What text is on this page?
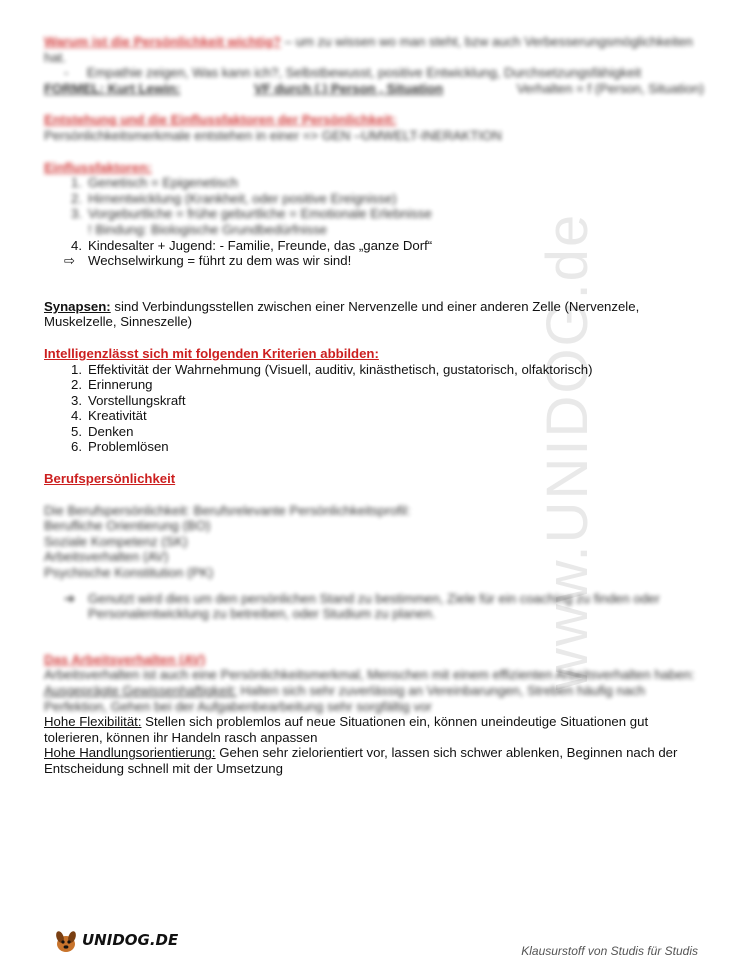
www.UNIDOG.de

Warum ist die Persönlichkeit wichtig? – um zu wissen wo man steht, bzw auch Verbesserungsmöglichkeiten hat.

-     Empathie zeigen, Was kann ich?, Selbstbewusst, positive Entwicklung, Durchsetzungsfähigkeit
FORMEL: Kurt Lewin:	VF durch (.) Person , Situation	Verhalten = f (Person, Situation)
Entstehung und die Einflussfaktoren der Persönlichkeit:
Persönlichkeitsmerkmale entstehen in einer => GEN –UMWELT-INERAKTION
Einflussfaktoren:
1. Genetisch = Epigenetisch
2. Hirnentwicklung (Krankheit, oder positive Ereignisse)
3. Vorgeburtliche = frühe geburtliche = Emotionale Erlebnisse
! Bindung: Biologische Grundbedürfnisse
4. Kindesalter + Jugend: - Familie, Freunde, das „ganze Dorf“
⇨ Wechselwirkung = führt zu dem was wir sind!

Synapsen: sind Verbindungsstellen zwischen einer Nervenzelle und einer anderen Zelle (Nervenzele, Muskelzelle, Sinneszelle)

Intelligenzlässt sich mit folgenden Kriterien abbilden:
1. Effektivität der Wahrnehmung (Visuell, auditiv, kinästhetisch, gustatorisch, olfaktorisch)
2. Erinnerung
3. Vorstellungskraft
4. Kreativität
5. Denken
6. Problemlösen
Berufspersönlichkeit
Die Berufspersönlichkeit: Berufsrelevante Persönlichkeitsprofil:
Berufliche Orientierung (BO)
Soziale Kompetenz (SK)
Arbeitsverhalten (AV)
Psychische Konstitution (PK)
➔ Genutzt wird dies um den persönlichen Stand zu bestimmen, Ziele für ein coaching zu finden oder Personalentwicklung zu betreiben, oder Studium zu planen.
Das Arbeitsverhalten (AV)
Arbeitsverhalten ist auch eine Persönlichkeitsmerkmal, Menschen mit einem effizienten Arbeitsverhalten haben:

Ausgeprägte Gewissenhaftigkeit: Halten sich sehr zuverlässig an Vereinbarungen, Streben häufig nach Perfektion, Gehen bei der Aufgabenbearbeitung sehr sorgfältig vor

Hohe Flexibilität: Stellen sich problemlos auf neue Situationen ein, können uneindeutige Situationen gut tolerieren, können ihr Handeln rasch anpassen

Hohe Handlungsorientierung: Gehen sehr zielorientiert vor, lassen sich schwer ablenken, Beginnen nach der Entscheidung schnell mit der Umsetzung

UNIDOG.DE
Klausurstoff von Studis für Studis
